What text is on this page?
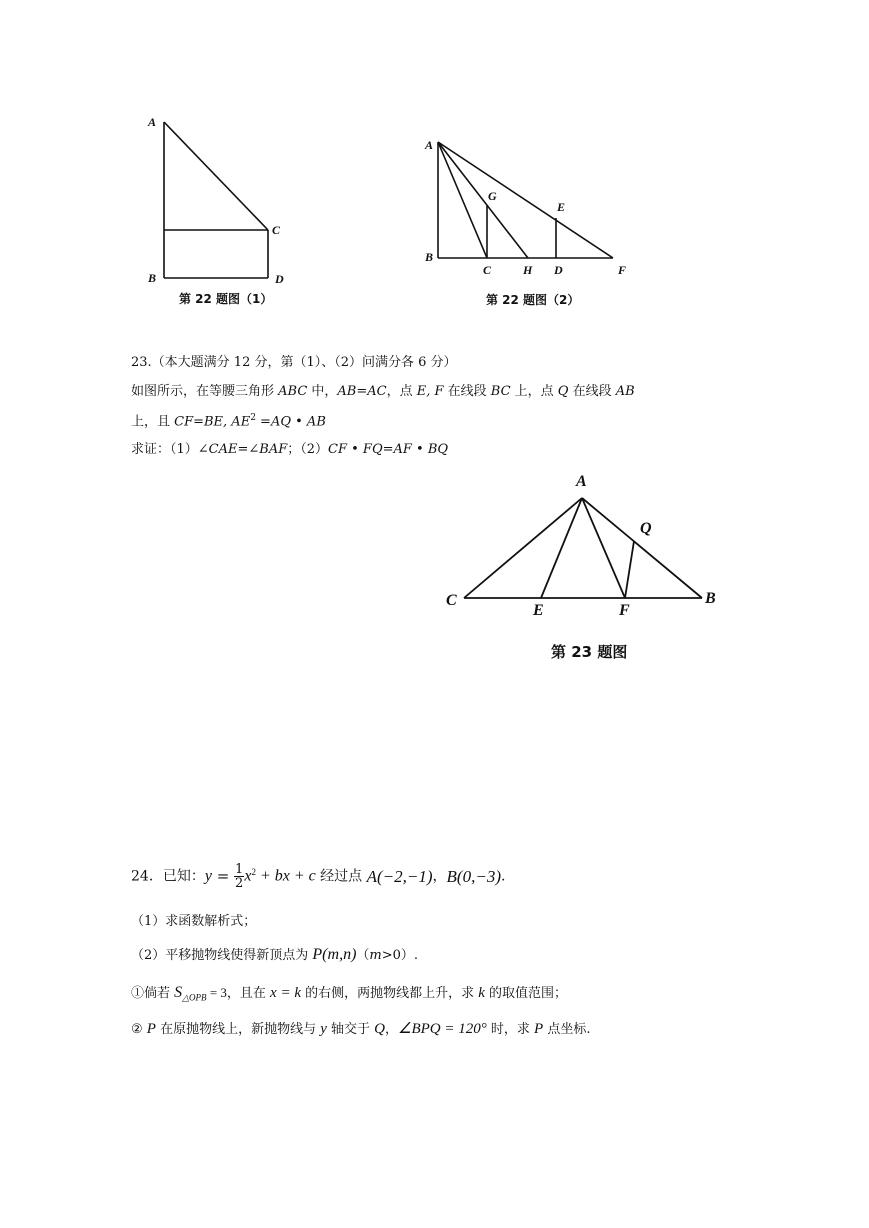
A
C
B	D
第 22 题图（1）
A
G
E
B
C	H D	F
第 22 题图（2）
23.（本大题满分 12 分，第（1）、（2）问满分各 6 分）
如图所示，在等腰三角形 ABC 中，AB=AC，点 E, F 在线段 BC 上，点 Q 在线段 AB
上，且 CF=BE, $AE^2 =AQ$ • AB
求证：（1）∠CAE=∠BAF；（2）CF • FQ=AF • BQ
A
Q
C	B
E	F
第 23 题图
24．已知：$y = \frac{1}{2} x^2$ + bx + c 经过点 A(−2,−1)，B(0,−3).
（1）求函数解析式；
（2）平移抛物线使得新顶点为 P(m,n)（m>0）.
①倘若 $S_{\triangle OPB} = 3$，且在 x = k 的右侧，两抛物线都上升，求 k 的取值范围；
② P 在原抛物线上，新抛物线与 y 轴交于 Q，∠BPQ = 120° 时，求 P 点坐标.
